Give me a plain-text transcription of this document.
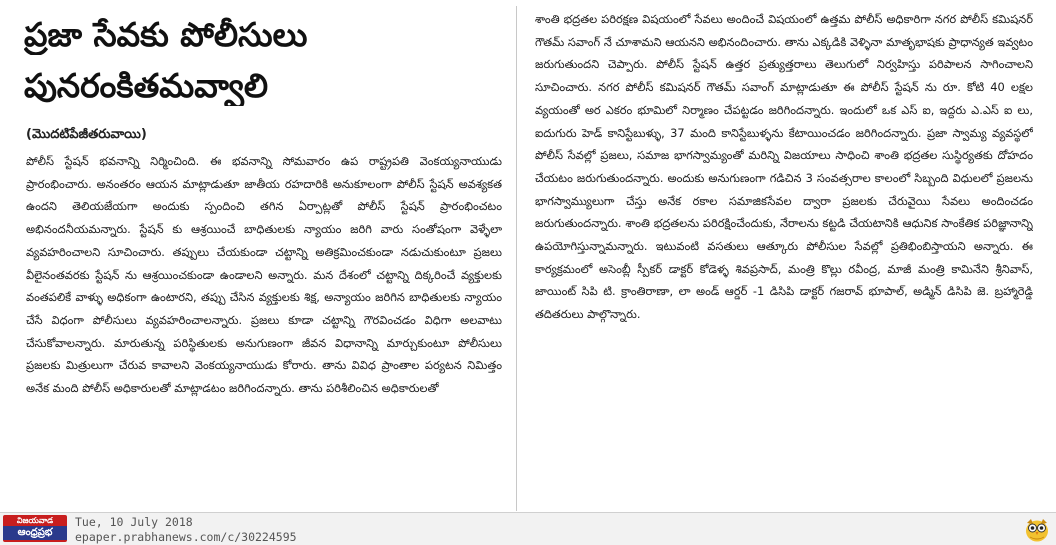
ప్రజా సేవకు పోలీసులు
పునరంకితమవ్వాలి
(మొదటిపేజీతరువాయి)
పోలీస్ స్టేషన్ భవనాన్ని నిర్మించింది. ఈ భవనాన్ని సోమవారం ఉప రాష్ట్రపతి వెంకయ్యనాయుడు ప్రారంభించారు. అనంతరం ఆయన మాట్లాడుతూ జాతీయ రహదారికి అనుకూలంగా పోలీస్ స్టేషన్ అవశ్యకత ఉందని తెలియజేయగా అందుకు స్పందించి తగిన ఏర్పాట్లతో పోలీస్ స్టేషన్ ప్రారంభించటం అభినందనీయమన్నారు. స్టేషన్ కు ఆశ్రయించే బాధితులకు న్యాయం జరిగి వారు సంతోషంగా వెళ్ళేలా వ్యవహరించాలని సూచించారు. తప్పులు చేయకుండా చట్టాన్ని అతిక్రమించకుండా నడుచుకుంటూ ప్రజలు వీలైనంతవరకు స్టేషన్ ను ఆశ్రయించకుండా ఉండాలని అన్నారు. మన దేశంలో చట్టాన్ని దిక్కరించే వ్యక్తులకు వంతపలికే వాళ్ళు అధికంగా ఉంటారని, తప్పు చేసిన వ్యక్తులకు శిక్ష, అన్యాయం జరిగిన బాధితులకు న్యాయం చేసే విధంగా పోలీసులు వ్యవహరించాలన్నారు. ప్రజలు కూడా చట్టాన్ని గౌరవించడం విధిగా అలవాటు చేసుకోవాలన్నారు. మారుతున్న పరిస్థితులకు అనుగుణంగా జీవన విధానాన్ని మార్చుకుంటూ పోలీసులు ప్రజలకు మిత్రులుగా చేరువ కావాలని వెంకయ్యనాయుడు కోరారు. తాను వివిధ ప్రాంతాల పర్యటన నిమిత్తం అనేక మంది పోలీస్ అధికారులతో మాట్లాడటం జరిగిందన్నారు. తాను పరిశీలించిన అధికారులతో
శాంతి భద్రతల పరిరక్షణ విషయంలో సేవలు అందించే విషయంలో ఉత్తమ పోలీస్ అధికారిగా నగర పోలీస్ కమిషనర్ గౌతమ్ సవాంగ్ నే చూశామని ఆయనని అభినందించారు. తాను ఎక్కడికి వెళ్ళినా మాతృభాషకు ప్రాధాన్యత ఇవ్వటం జరుగుతుందని చెప్పారు. పోలీస్ స్టేషన్ ఉత్తర ప్రత్యుత్తరాలు తెలుగులో నిర్వహిస్తు పరిపాలన సాగించాలని సూచించారు. నగర పోలీస్ కమిషనర్ గౌతమ్ సవాంగ్ మాట్లాడుతూ ఈ పోలీస్ స్టేషన్ ను రూ. కోటి 40 లక్షల వ్యయంతో అర ఎకరం భూమిలో నిర్మాణం చేపట్టడం జరిగిందన్నారు. ఇందులో ఒక ఎస్ ఐ, ఇద్దరు ఎ.ఎస్ ఐ లు, ఐదుగురు హెడ్ కానిస్టేబుళ్ళు, 37 మంది కానిస్టేబుళ్ళను కేటాయించడం జరిగిందన్నారు. ప్రజా స్వామ్య వ్యవస్థలో పోలీస్ సేవల్లో ప్రజలు, సమాజ భాగస్వామ్యంతో మరిన్ని విజయాలు సాధించి శాంతి భద్రతల సుస్థిర్యతకు దోహదం చేయటం జరుగుతుందన్నారు. అందుకు అనుగుణంగా గడిచిన 3 సంవత్సరాల కాలంలో సిబ్బంది విధులలో ప్రజలను భాగస్వామ్యులుగా చేస్తు అనేక రకాల సమాజికసేవల ద్వారా ప్రజలకు చేరువైయి సేవలు అందించడం జరుగుతుందన్నారు. శాంతి భద్రతలను పరిరక్షించేందుకు, నేరాలను కట్టడి చేయటానికి ఆధునిక సాంకేతిక పరిజ్ఞానాన్ని ఉపయోగిస్తున్నామన్నారు. ఇటువంటి వసతులు ఆత్కూరు పోలీసుల సేవల్లో ప్రతిభింబిస్తాయని అన్నారు. ఈ కార్యక్రమంలో అసెంబ్లీ స్పీకర్ డాక్టర్ కోడెళ్ళ శివప్రసాద్, మంత్రి కొల్లు రవీంద్ర, మాజీ మంత్రి కామినేని శ్రీనివాస్, జాయింట్ సిపి టి. క్రాంతిరాణా, లా అండ్ ఆర్డర్ -1 డిసిపి డాక్టర్ గజరావ్ భూపాల్, అడ్మిన్ డిసిపి జె. బ్రహ్మారెడ్డి తదితరులు పాల్గొన్నారు.
విజయవాడ
ఆంధ్రప్రభ
Tue, 10 July 2018
epaper.prabhanews.com/c/30224595
